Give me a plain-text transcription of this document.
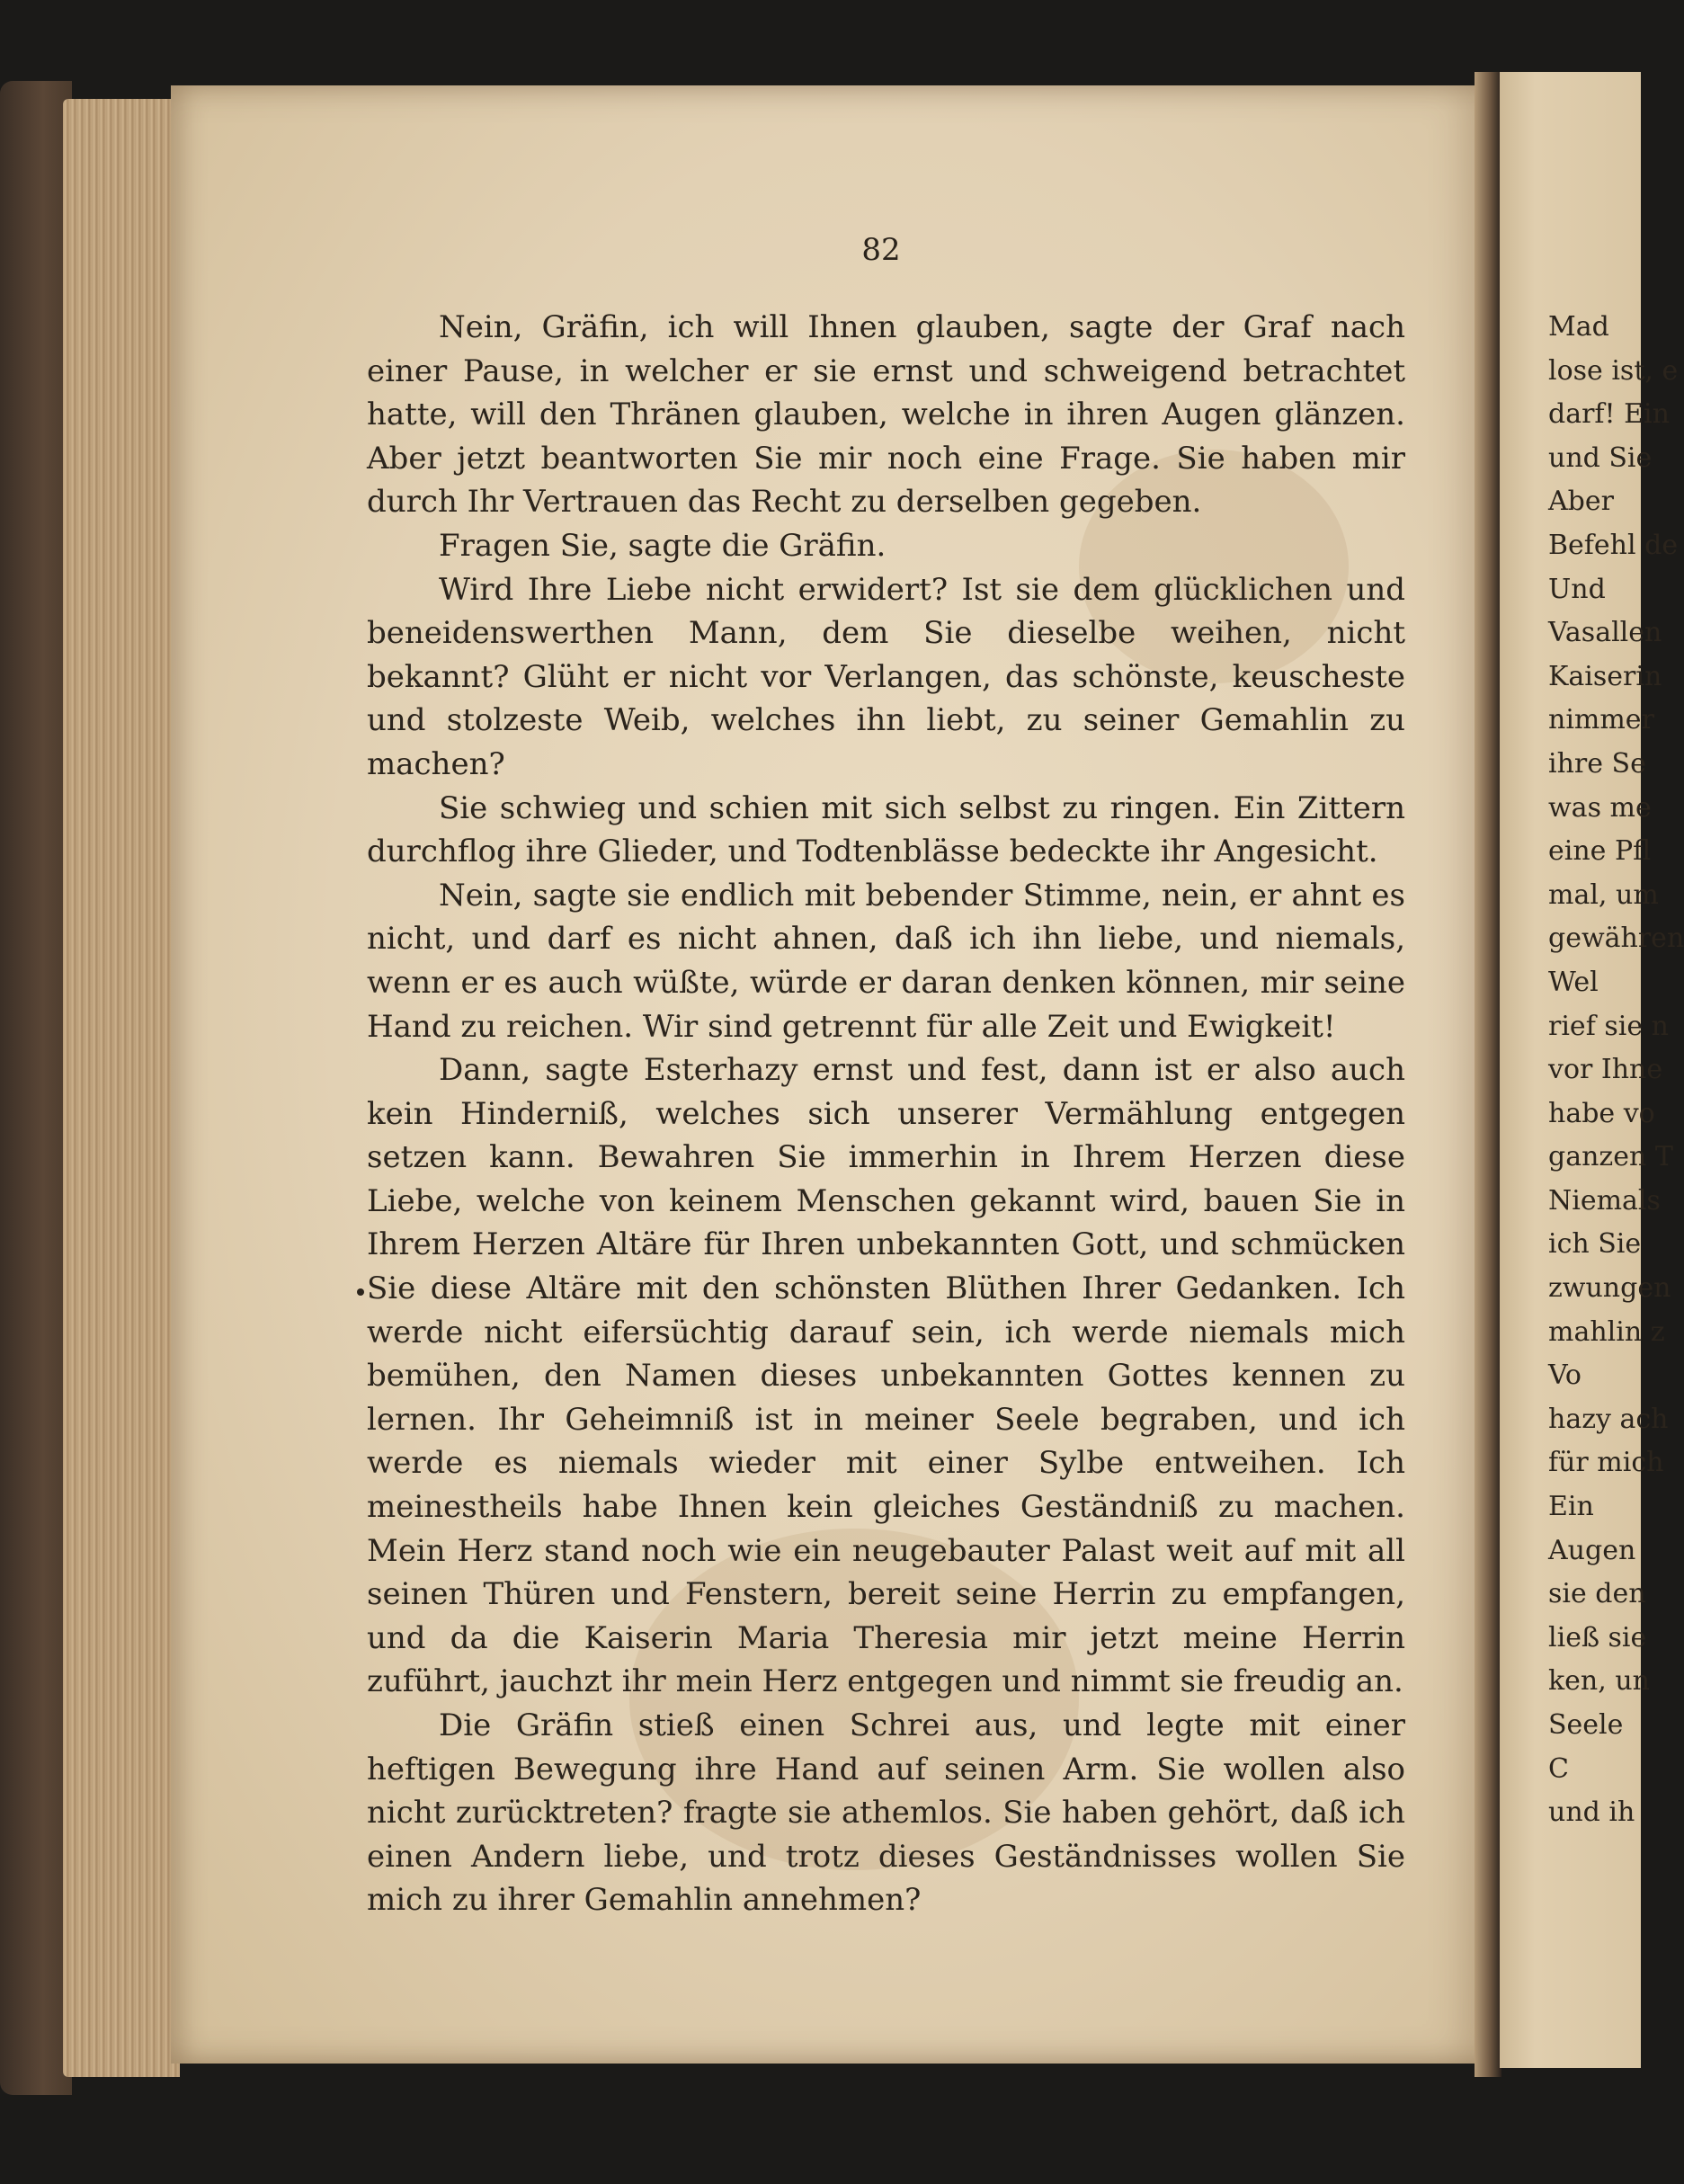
82

Nein, Gräfin, ich will Ihnen glauben, sagte der Graf nach einer Pause, in welcher er sie ernst und schweigend betrachtet hatte, will den Thränen glauben, welche in ihren Augen glänzen. Aber jetzt beantworten Sie mir noch eine Frage. Sie haben mir durch Ihr Vertrauen das Recht zu derselben gegeben.

Fragen Sie, sagte die Gräfin.

Wird Ihre Liebe nicht erwidert? Ist sie dem glücklichen und beneidenswerthen Mann, dem Sie dieselbe weihen, nicht bekannt? Glüht er nicht vor Verlangen, das schönste, keuscheste und stolzeste Weib, welches ihn liebt, zu seiner Gemahlin zu machen?

Sie schwieg und schien mit sich selbst zu ringen. Ein Zittern durchflog ihre Glieder, und Todtenblässe bedeckte ihr Angesicht.

Nein, sagte sie endlich mit bebender Stimme, nein, er ahnt es nicht, und darf es nicht ahnen, daß ich ihn liebe, und niemals, wenn er es auch wüßte, würde er daran denken können, mir seine Hand zu reichen. Wir sind getrennt für alle Zeit und Ewigkeit!

Dann, sagte Esterhazy ernst und fest, dann ist er also auch kein Hinderniß, welches sich unserer Vermählung entgegen setzen kann. Bewahren Sie immerhin in Ihrem Herzen diese Liebe, welche von keinem Menschen gekannt wird, bauen Sie in Ihrem Herzen Altäre für Ihren unbekannten Gott, und schmücken Sie diese Altäre mit den schönsten Blüthen Ihrer Gedanken. Ich werde nicht eifersüchtig darauf sein, ich werde niemals mich bemühen, den Namen dieses unbekannten Gottes kennen zu lernen. Ihr Geheimniß ist in meiner Seele begraben, und ich werde es niemals wieder mit einer Sylbe entweihen. Ich meinestheils habe Ihnen kein gleiches Geständniß zu machen. Mein Herz stand noch wie ein neugebauter Palast weit auf mit all seinen Thüren und Fenstern, bereit seine Herrin zu empfangen, und da die Kaiserin Maria Theresia mir jetzt meine Herrin zuführt, jauchzt ihr mein Herz entgegen und nimmt sie freudig an.

Die Gräfin stieß einen Schrei aus, und legte mit einer heftigen Bewegung ihre Hand auf seinen Arm. Sie wollen also nicht zurücktreten? fragte sie athemlos. Sie haben gehört, daß ich einen Andern liebe, und trotz dieses Geständnisses wollen Sie mich zu ihrer Gemahlin annehmen?

Mad
lose ist, e
darf! Ein
und Sie
Aber
Befehl de
Und
Vasallen
Kaiserin
nimmer
ihre Se
was me
eine Pfl
mal, um
gewähren
Wel
rief sie n
vor Ihne
habe vo
ganzen T
Niemals
ich Sie
zwungen
mahlin z
Vo
hazy ach
für mich
Ein
Augen
sie den
ließ sie
ken, un
Seele
C
und ih
